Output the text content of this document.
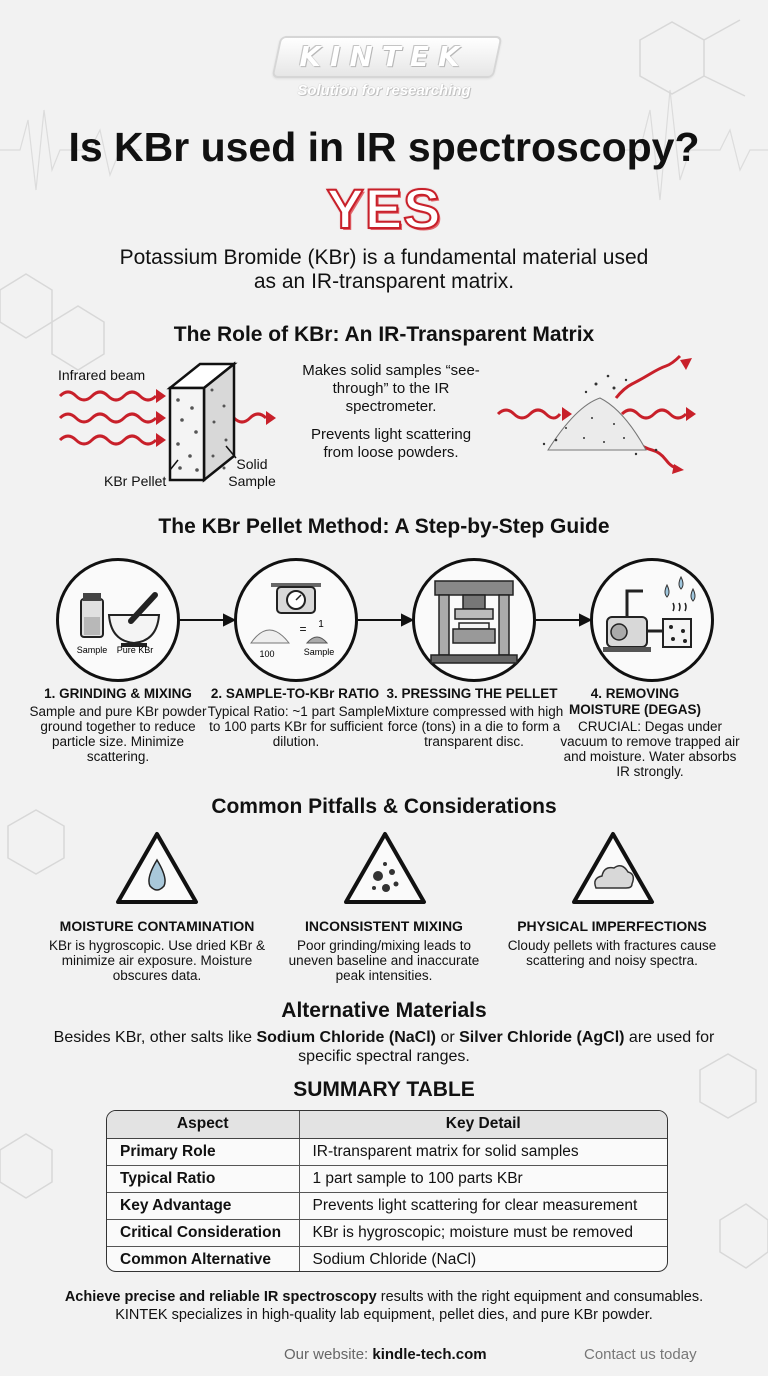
KINTEK
Solution for researching
Is KBr used in IR spectroscopy?
YES
Potassium Bromide (KBr) is a fundamental material used as an IR-transparent matrix.
The Role of KBr: An IR-Transparent Matrix
Infrared beam
KBr Pellet
Solid
Sample
Makes solid samples “see-through” to the IR spectrometer.
Prevents light scattering from loose powders.
The KBr Pellet Method: A Step-by-Step Guide
Sample Pure KBr
= 1
100	Sample
1. GRINDING & MIXING
Sample and pure KBr powder ground together to reduce particle size. Minimize scattering.
2. SAMPLE-TO-KBr RATIO
Typical Ratio: ~1 part Sample to 100 parts KBr for sufficient dilution.
3. PRESSING THE PELLET
Mixture compressed with high force (tons) in a die to form a transparent disc.
4. REMOVING MOISTURE (DEGAS)
CRUCIAL: Degas under vacuum to remove trapped air and moisture. Water absorbs IR strongly.
Common Pitfalls & Considerations
MOISTURE CONTAMINATION
KBr is hygroscopic. Use dried KBr & minimize air exposure. Moisture obscures data.
INCONSISTENT MIXING
Poor grinding/mixing leads to uneven baseline and inaccurate peak intensities.
PHYSICAL IMPERFECTIONS
Cloudy pellets with fractures cause scattering and noisy spectra.
Alternative Materials
Besides KBr, other salts like Sodium Chloride (NaCl) or Silver Chloride (AgCl) are used for specific spectral ranges.
SUMMARY TABLE
Aspect	Key Detail
Primary Role	IR-transparent matrix for solid samples
Typical Ratio	1 part sample to 100 parts KBr
Key Advantage	Prevents light scattering for clear measurement
Critical Consideration	KBr is hygroscopic; moisture must be removed
Common Alternative	Sodium Chloride (NaCl)
Achieve precise and reliable IR spectroscopy results with the right equipment and consumables.
KINTEK specializes in high-quality lab equipment, pellet dies, and pure KBr powder.
Our website: kindle-tech.com	Contact us today
